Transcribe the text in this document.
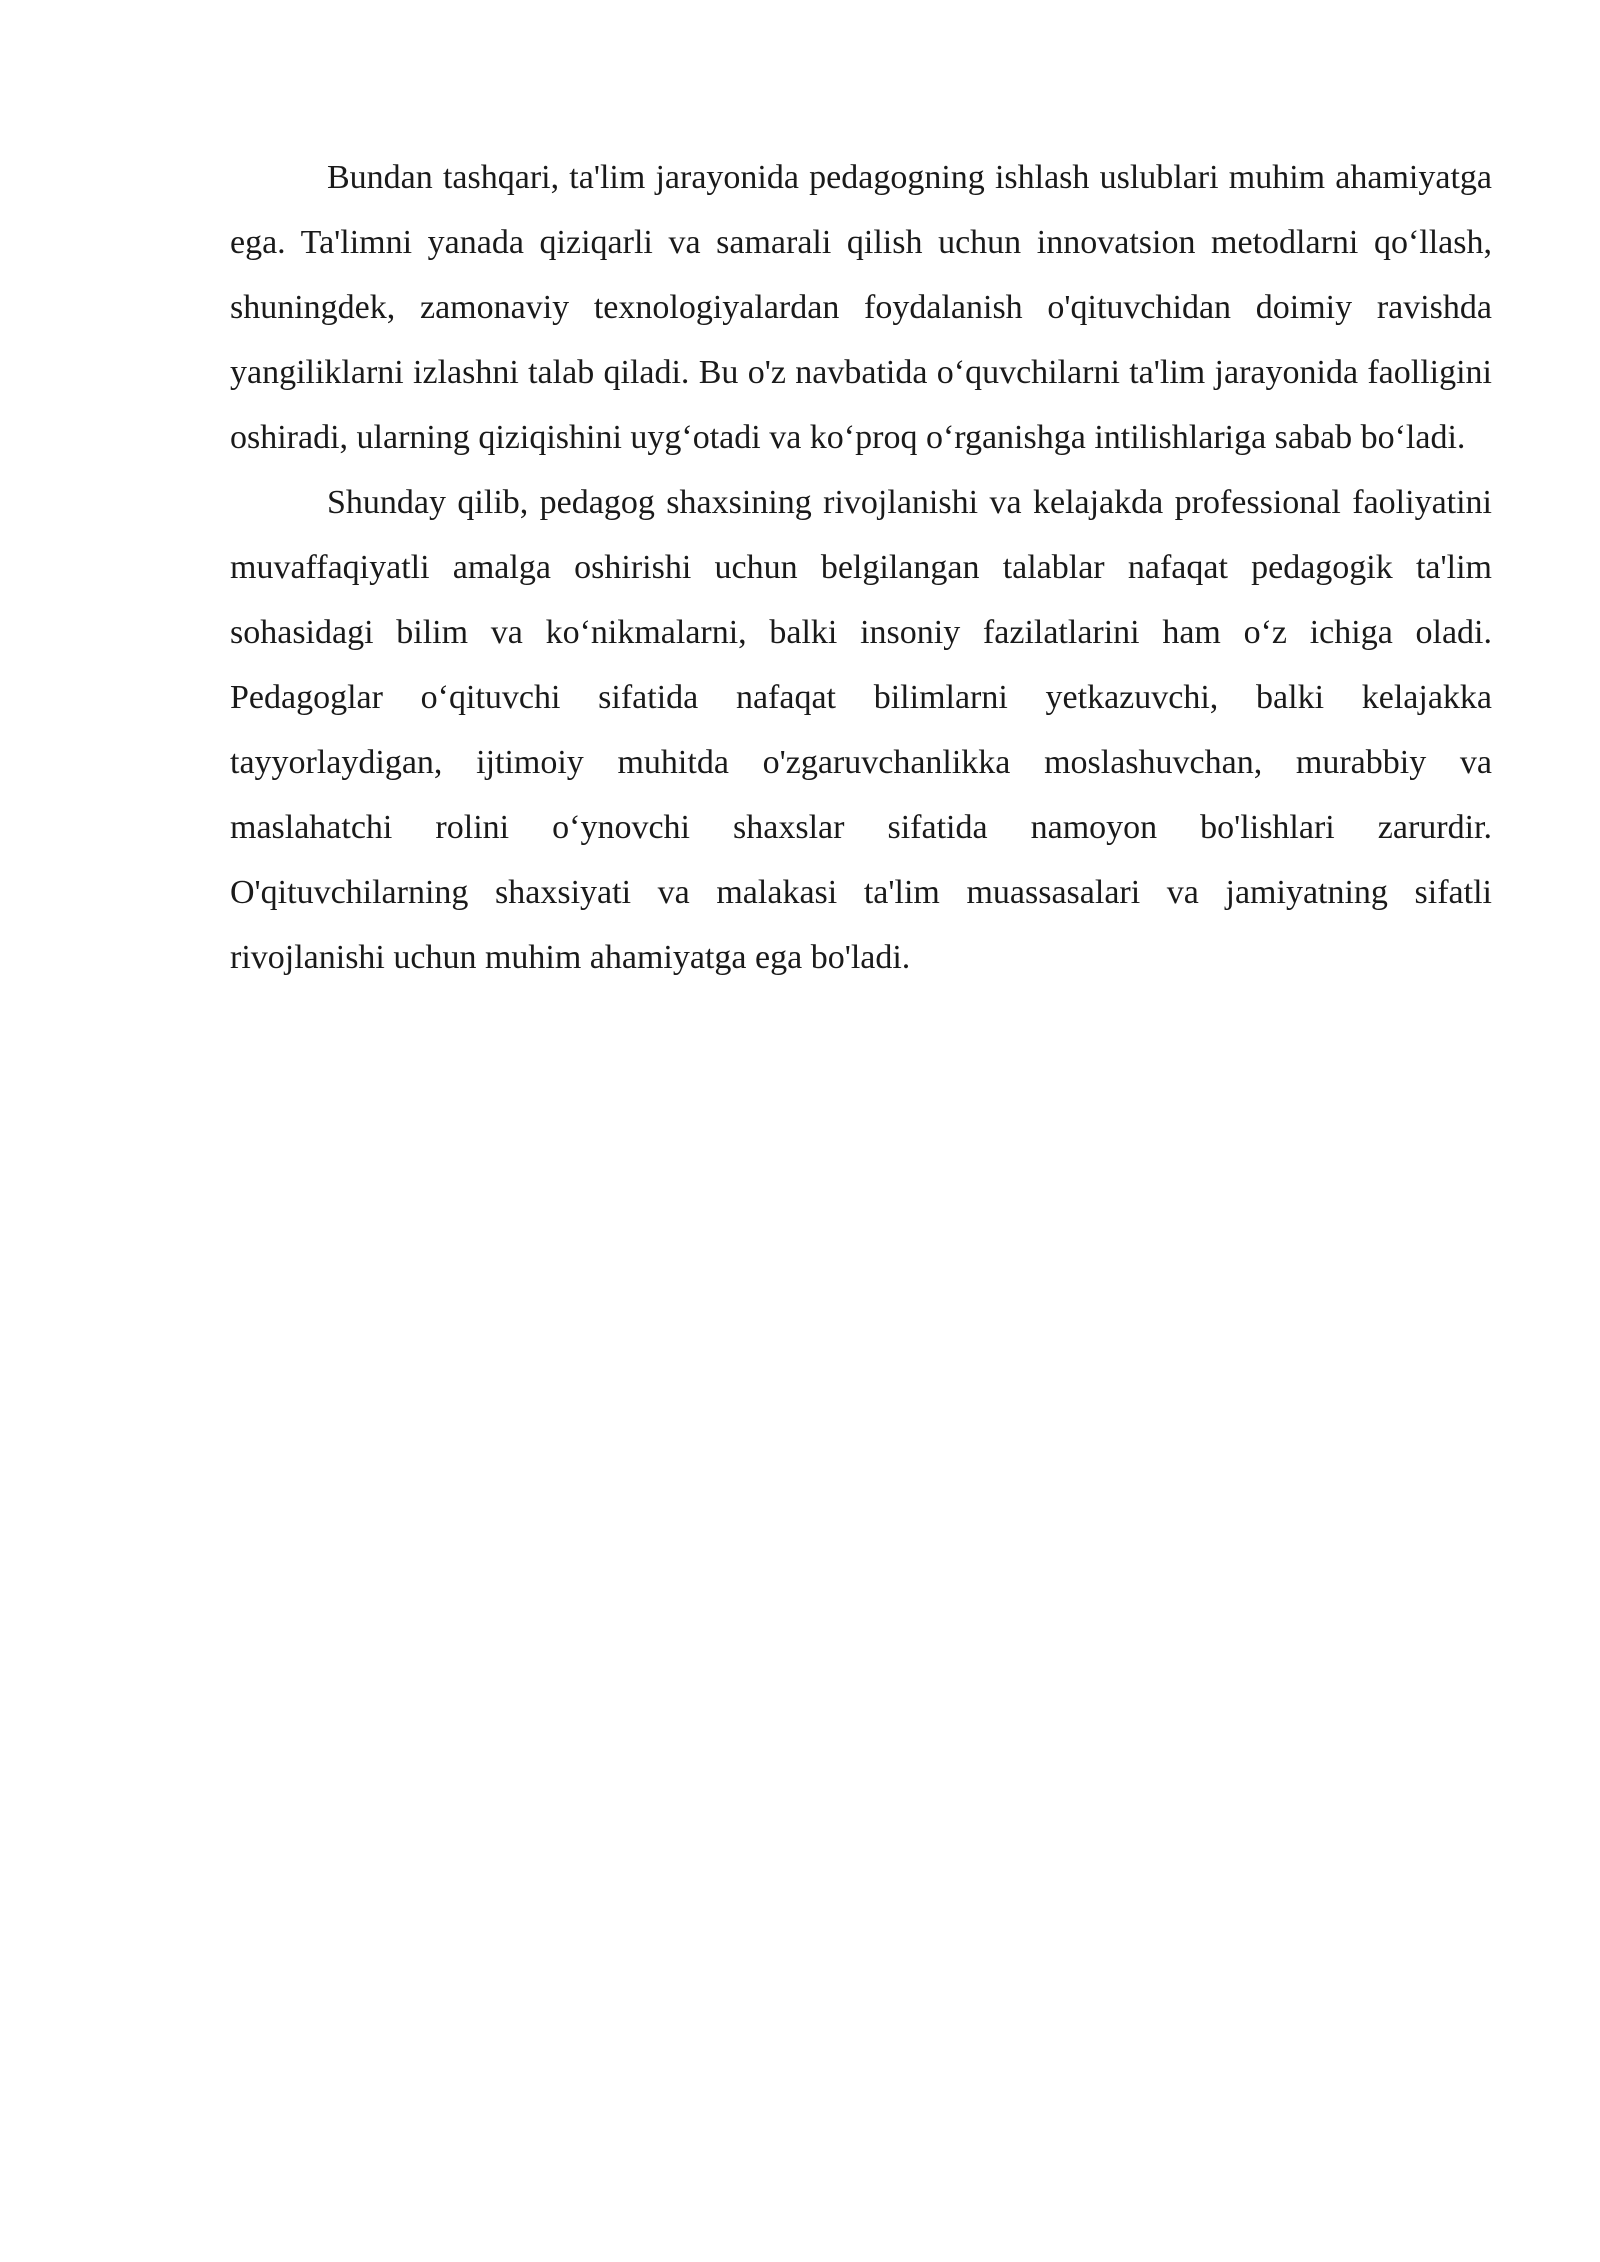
Bundan tashqari, ta'lim jarayonida pedagogning ishlash uslublari muhim ahamiyatga ega. Ta'limni yanada qiziqarli va samarali qilish uchun innovatsion metodlarni qo‘llash, shuningdek, zamonaviy texnologiyalardan foydalanish o'qituvchidan doimiy ravishda yangiliklarni izlashni talab qiladi. Bu o'z navbatida o‘quvchilarni ta'lim jarayonida faolligini oshiradi, ularning qiziqishini uyg‘otadi va ko‘proq o‘rganishga intilishlariga sabab bo‘ladi.

Shunday qilib, pedagog shaxsining rivojlanishi va kelajakda professional faoliyatini muvaffaqiyatli amalga oshirishi uchun belgilangan talablar nafaqat pedagogik ta'lim sohasidagi bilim va ko‘nikmalarni, balki insoniy fazilatlarini ham o‘z ichiga oladi. Pedagoglar o‘qituvchi sifatida nafaqat bilimlarni yetkazuvchi, balki kelajakka tayyorlaydigan, ijtimoiy muhitda o'zgaruvchanlikka moslashuvchan, murabbiy va maslahatchi rolini o‘ynovchi shaxslar sifatida namoyon bo'lishlari zarurdir. O'qituvchilarning shaxsiyati va malakasi ta'lim muassasalari va jamiyatning sifatli rivojlanishi uchun muhim ahamiyatga ega bo'ladi.
